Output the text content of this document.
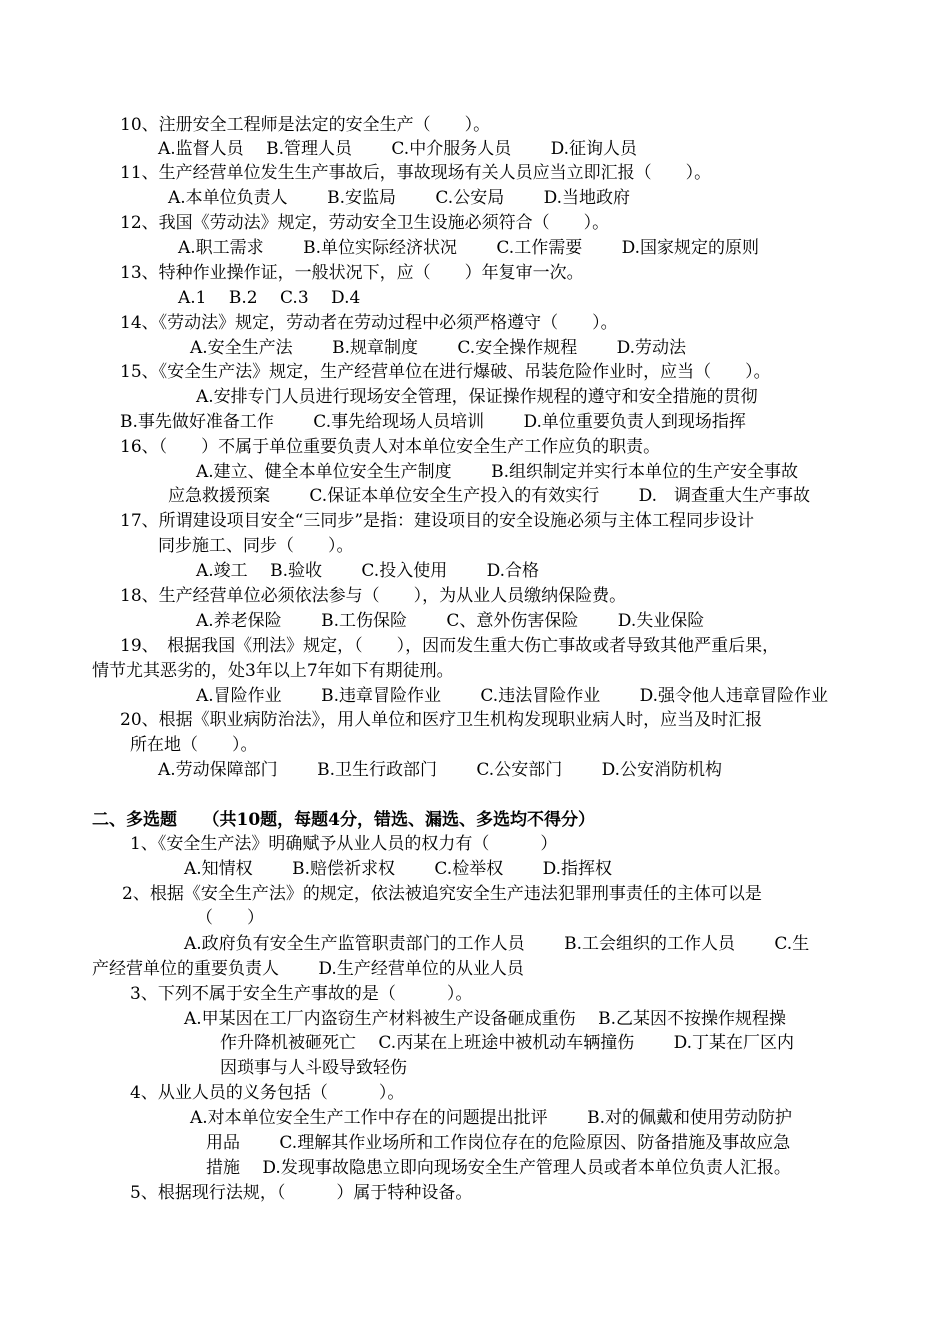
10、注册安全工程师是法定的安全生产（　　）。
A.监督人员　 B.管理人员　 　C.中介服务人员　 　D.征询人员
11、生产经营单位发生生产事故后，事故现场有关人员应当立即汇报（　　）。
A.本单位负责人　 　B.安监局　 　C.公安局　 　D.当地政府
12、我国《劳动法》规定，劳动安全卫生设施必须符合（　　）。
A.职工需求　 　B.单位实际经济状况　 　C.工作需要　 　D.国家规定的原则
13、特种作业操作证，一般状况下，应（　　）年复审一次。
A.1　 B.2　 C.3　 D.4
14、《劳动法》规定，劳动者在劳动过程中必须严格遵守（　　）。
A.安全生产法　 　B.规章制度　 　C.安全操作规程　 　D.劳动法
15、《安全生产法》规定，生产经营单位在进行爆破、吊装危险作业时，应当（　　）。
A.安排专门人员进行现场安全管理，保证操作规程的遵守和安全措施的贯彻
B.事先做好准备工作　 　C.事先给现场人员培训　 　D.单位重要负责人到现场指挥
16、（　　）不属于单位重要负责人对本单位安全生产工作应负的职责。
A.建立、健全本单位安全生产制度　 　B.组织制定并实行本单位的生产安全事故
应急救援预案　 　C.保证本单位安全生产投入的有效实行　 　D.　调查重大生产事故
17、所谓建设项目安全“三同步”是指：建设项目的安全设施必须与主体工程同步设计
同步施工、同步（　　）。
A.竣工　 B.验收　 　C.投入使用　 　D.合格
18、生产经营单位必须依法参与（　　），为从业人员缴纳保险费。
A.养老保险　 　B.工伤保险　 　C、意外伤害保险　 　D.失业保险
19、　根据我国《刑法》规定，（　　），因而发生重大伤亡事故或者导致其他严重后果，
情节尤其恶劣的，处3年以上7年如下有期徒刑。
A.冒险作业　 　B.违章冒险作业　 　C.违法冒险作业　 　D.强令他人违章冒险作业
20、根据《职业病防治法》，用人单位和医疗卫生机构发现职业病人时，应当及时汇报
所在地（　　）。
A.劳动保障部门　 　B.卫生行政部门　 　C.公安部门　 　D.公安消防机构
二、多选题　　（共10题，每题4分，错选、漏选、多选均不得分）
1、《安全生产法》明确赋予从业人员的权力有（　　　）
A.知情权　 　B.赔偿祈求权　 　C.检举权　 　D.指挥权
2、根据《安全生产法》的规定，依法被追究安全生产违法犯罪刑事责任的主体可以是
（　　）
A.政府负有安全生产监管职责部门的工作人员　 　B.工会组织的工作人员　 　C.生
产经营单位的重要负责人　 　D.生产经营单位的从业人员
3、下列不属于安全生产事故的是（　　　）。
A.甲某因在工厂内盗窃生产材料被生产设备砸成重伤　 B.乙某因不按操作规程操
作升降机被砸死亡　 C.丙某在上班途中被机动车辆撞伤　 　D.丁某在厂区内
因琐事与人斗殴导致轻伤
4、从业人员的义务包括（　　　）。
A.对本单位安全生产工作中存在的问题提出批评　 　B.对的佩戴和使用劳动防护
用品　 　C.理解其作业场所和工作岗位存在的危险原因、防备措施及事故应急
措施　 D.发现事故隐患立即向现场安全生产管理人员或者本单位负责人汇报。
5、根据现行法规，（　　　）属于特种设备。
